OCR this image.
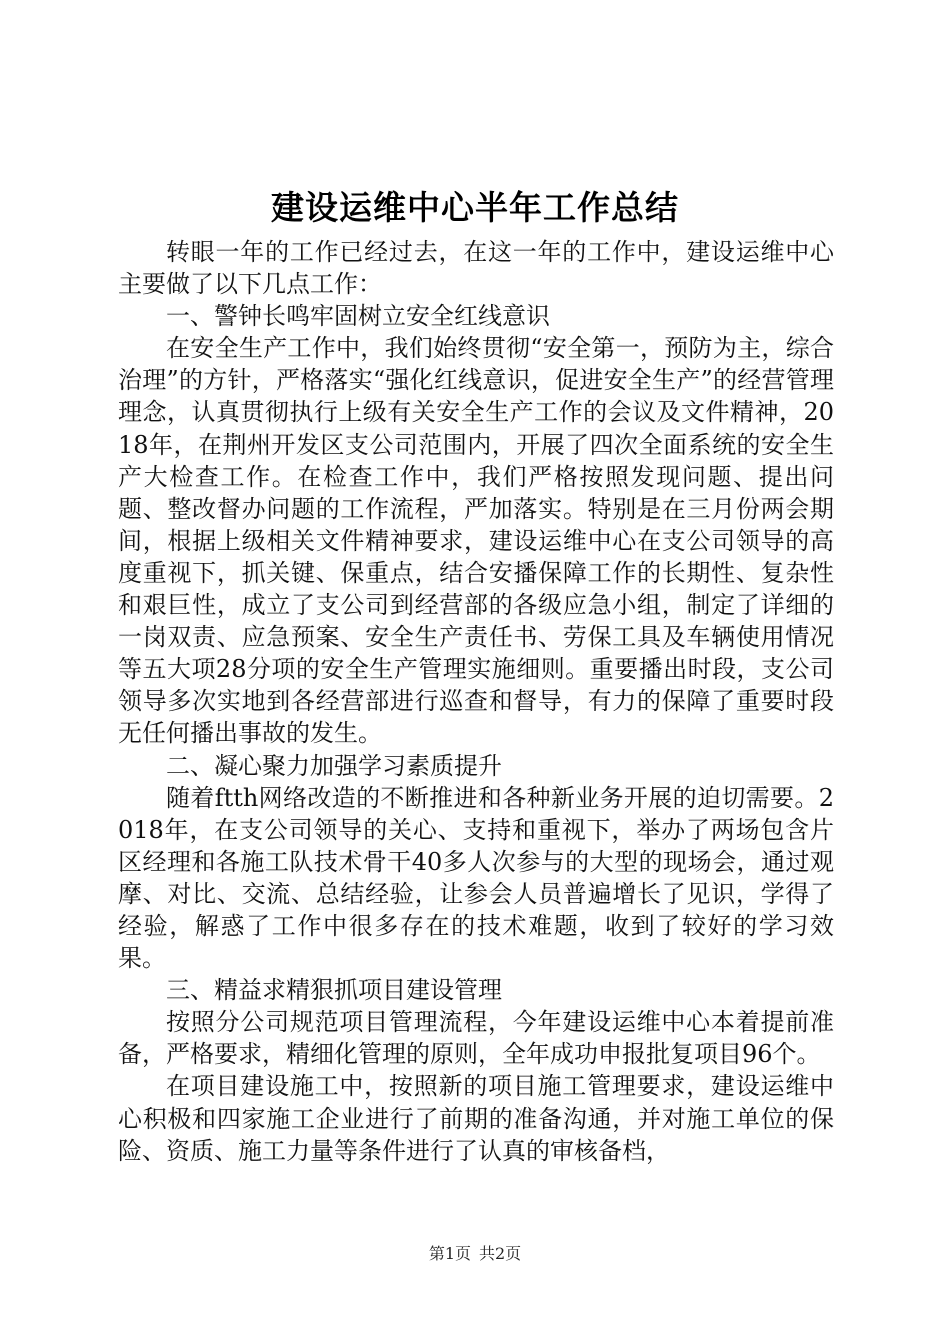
建设运维中心半年工作总结

转眼一年的工作已经过去，在这一年的工作中，建设运维中心主要做了以下几点工作：

一、警钟长鸣牢固树立安全红线意识

在安全生产工作中，我们始终贯彻“安全第一，预防为主，综合治理”的方针，严格落实“强化红线意识，促进安全生产”的经营管理理念，认真贯彻执行上级有关安全生产工作的会议及文件精神，2018年，在荆州开发区支公司范围内，开展了四次全面系统的安全生产大检查工作。在检查工作中，我们严格按照发现问题、提出问题、整改督办问题的工作流程，严加落实。特别是在三月份两会期间，根据上级相关文件精神要求，建设运维中心在支公司领导的高度重视下，抓关键、保重点，结合安播保障工作的长期性、复杂性和艰巨性，成立了支公司到经营部的各级应急小组，制定了详细的一岗双责、应急预案、安全生产责任书、劳保工具及车辆使用情况等五大项28分项的安全生产管理实施细则。重要播出时段，支公司领导多次实地到各经营部进行巡查和督导，有力的保障了重要时段无任何播出事故的发生。

二、凝心聚力加强学习素质提升

随着ftth网络改造的不断推进和各种新业务开展的迫切需要。2018年，在支公司领导的关心、支持和重视下，举办了两场包含片区经理和各施工队技术骨干40多人次参与的大型的现场会，通过观摩、对比、交流、总结经验，让参会人员普遍增长了见识，学得了经验，解惑了工作中很多存在的技术难题，收到了较好的学习效果。

三、精益求精狠抓项目建设管理

按照分公司规范项目管理流程，今年建设运维中心本着提前准备，严格要求，精细化管理的原则，全年成功申报批复项目96个。

在项目建设施工中，按照新的项目施工管理要求，建设运维中心积极和四家施工企业进行了前期的准备沟通，并对施工单位的保险、资质、施工力量等条件进行了认真的审核备档，

第1页 共2页
